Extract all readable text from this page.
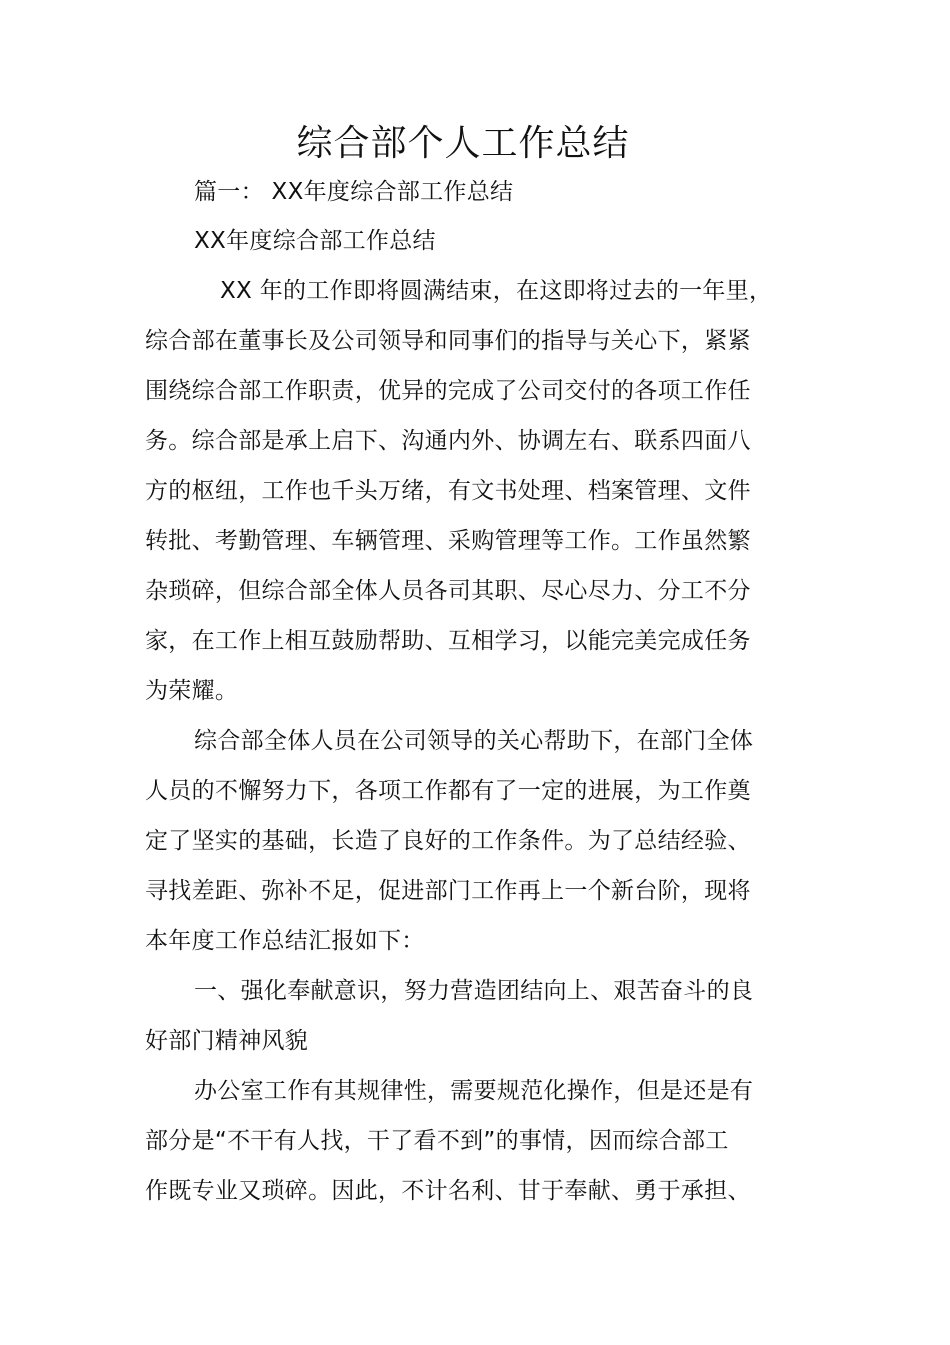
综合部个人工作总结
篇一： XX年度综合部工作总结
XX年度综合部工作总结
XX 年的工作即将圆满结束，在这即将过去的一年里，
综合部在董事长及公司领导和同事们的指导与关心下，紧紧
围绕综合部工作职责，优异的完成了公司交付的各项工作任
务。综合部是承上启下、沟通内外、协调左右、联系四面八
方的枢纽，工作也千头万绪，有文书处理、档案管理、文件
转批、考勤管理、车辆管理、采购管理等工作。工作虽然繁
杂琐碎，但综合部全体人员各司其职、尽心尽力、分工不分
家，在工作上相互鼓励帮助、互相学习，以能完美完成任务
为荣耀。
综合部全体人员在公司领导的关心帮助下，在部门全体
人员的不懈努力下，各项工作都有了一定的进展，为工作奠
定了坚实的基础，长造了良好的工作条件。为了总结经验、
寻找差距、弥补不足，促进部门工作再上一个新台阶，现将
本年度工作总结汇报如下：
一、强化奉献意识，努力营造团结向上、艰苦奋斗的良
好部门精神风貌
办公室工作有其规律性，需要规范化操作，但是还是有
部分是“不干有人找，干了看不到”的事情，因而综合部工
作既专业又琐碎。因此，不计名利、甘于奉献、勇于承担、
